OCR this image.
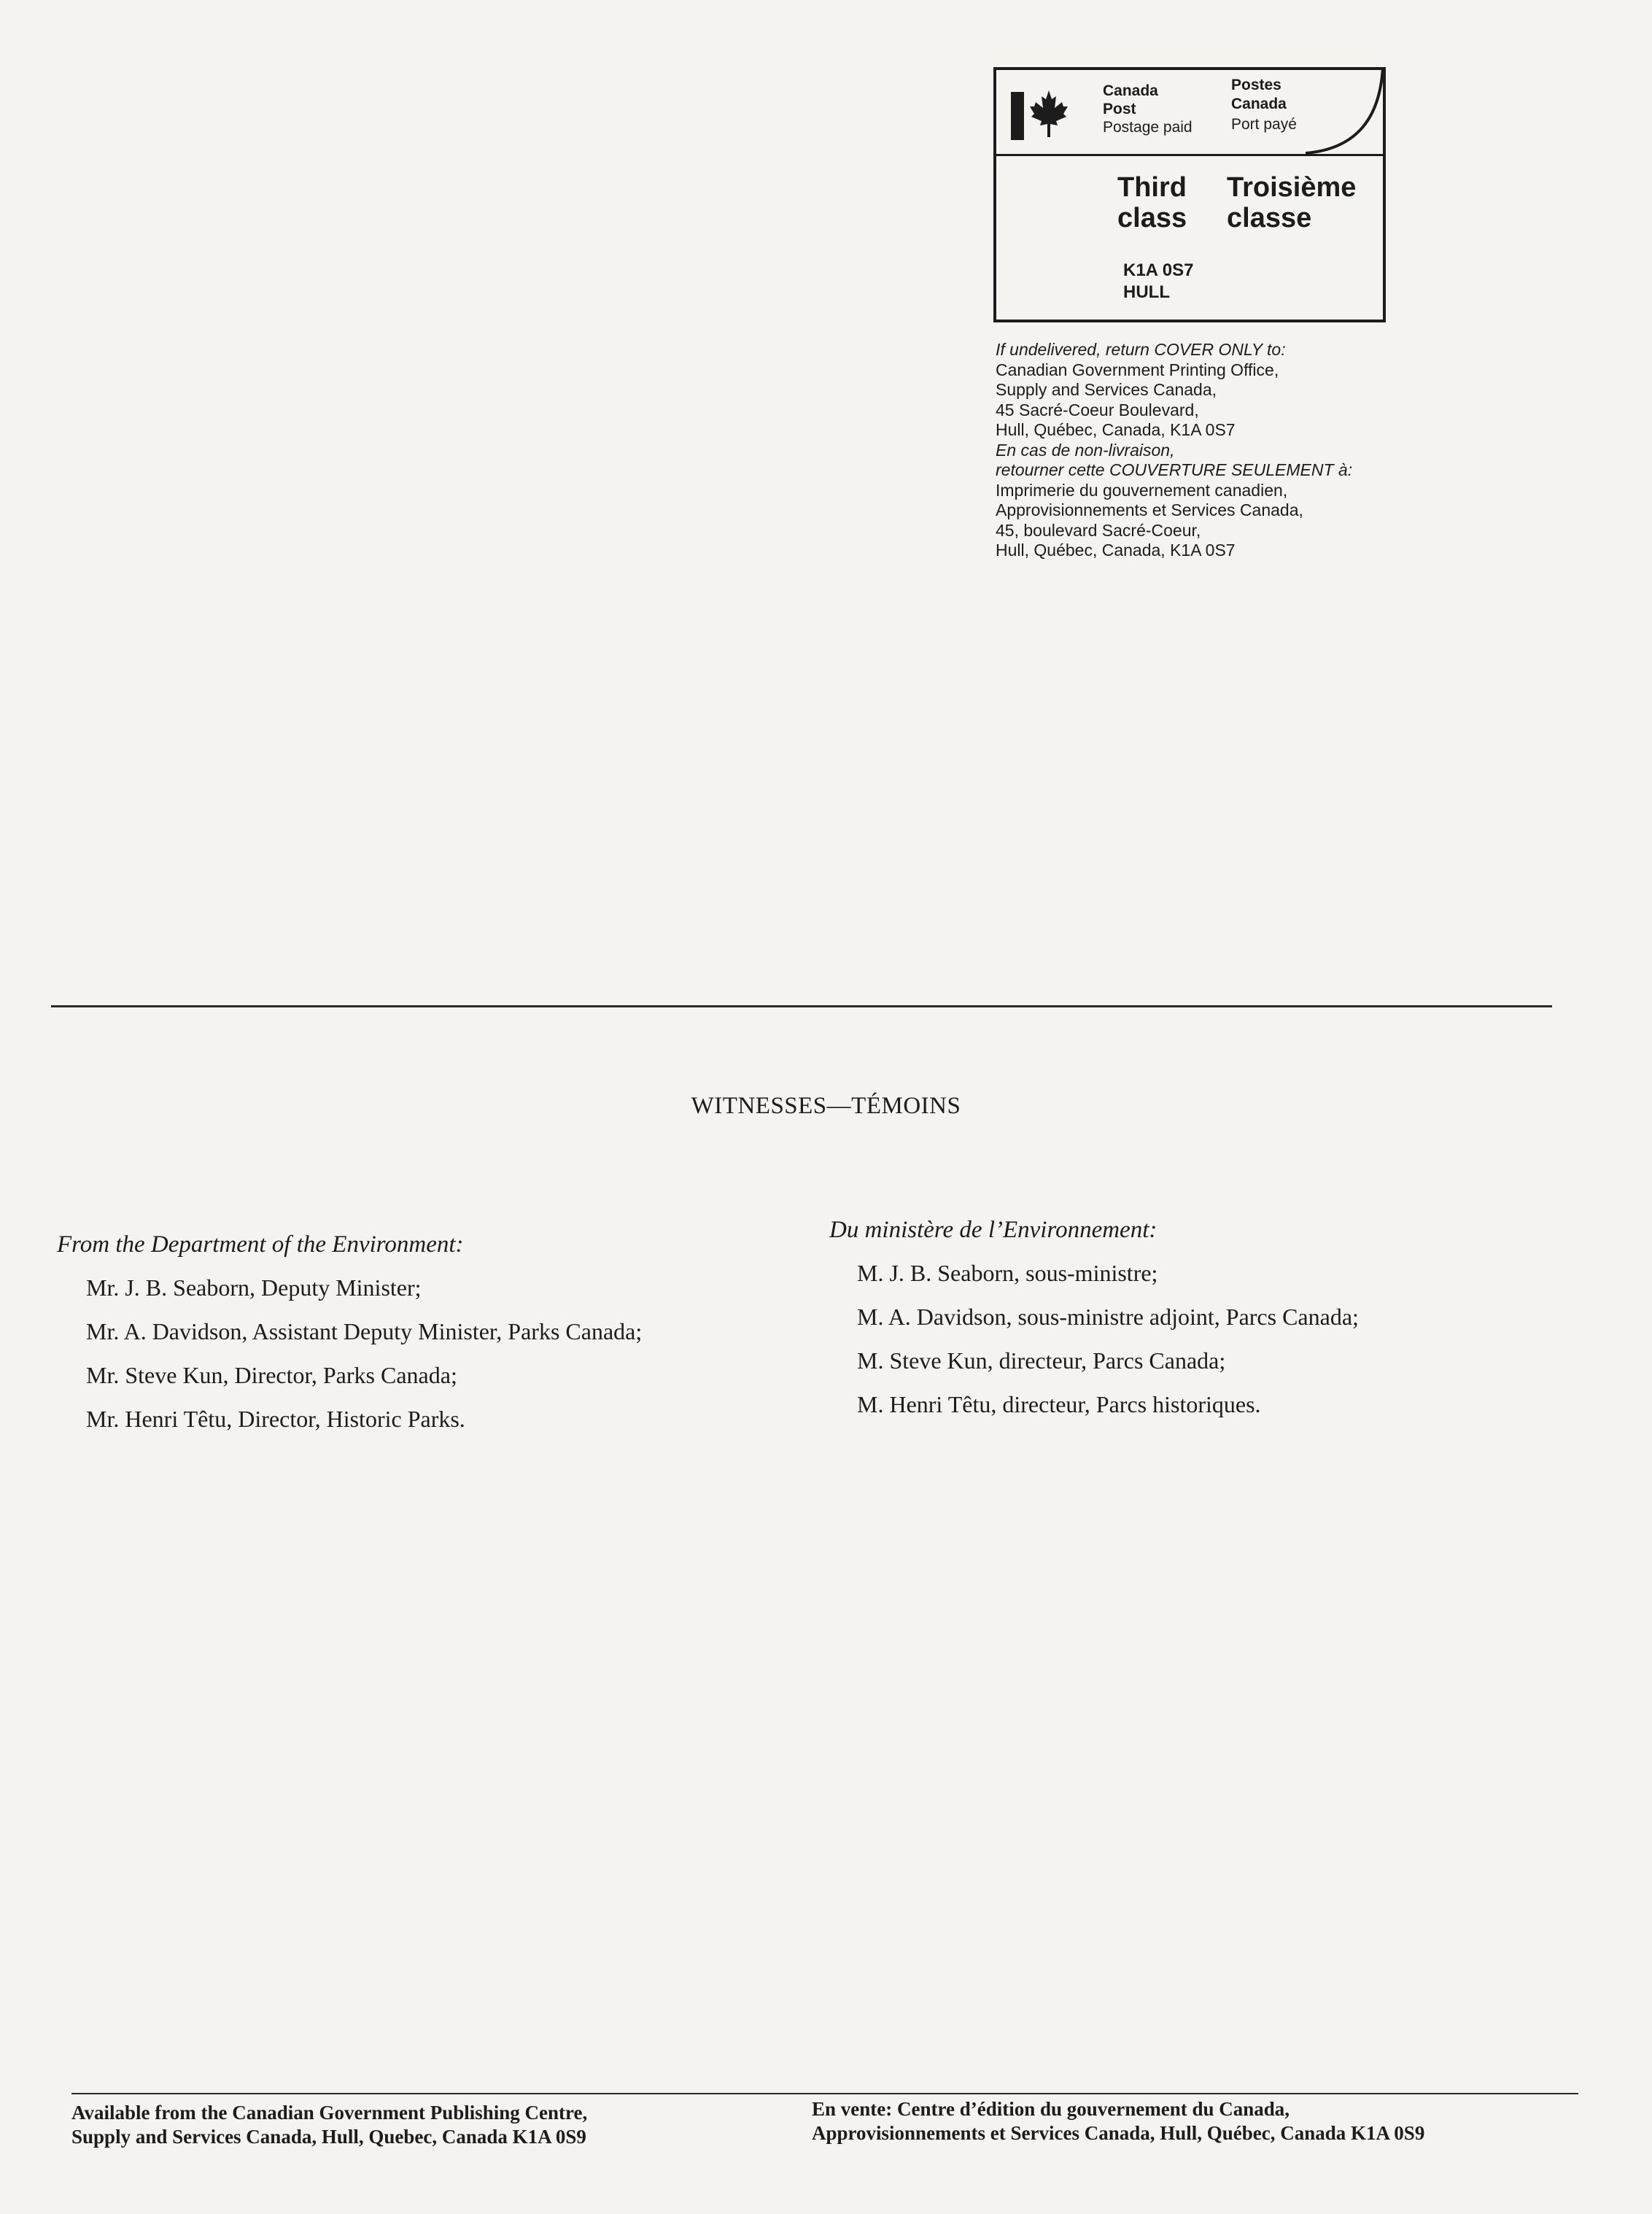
Canada
Post
Postage paid
Postes
Canada
Port payé
Third
class
Troisième
classe
K1A 0S7
HULL
If undelivered, return COVER ONLY to:
Canadian Government Printing Office,
Supply and Services Canada,
45 Sacré-Coeur Boulevard,
Hull, Québec, Canada, K1A 0S7
En cas de non-livraison,
retourner cette COUVERTURE SEULEMENT à:
Imprimerie du gouvernement canadien,
Approvisionnements et Services Canada,
45, boulevard Sacré-Coeur,
Hull, Québec, Canada, K1A 0S7
WITNESSES—TÉMOINS
From the Department of the Environment:
Mr. J. B. Seaborn, Deputy Minister;
Mr. A. Davidson, Assistant Deputy Minister, Parks Canada;
Mr. Steve Kun, Director, Parks Canada;
Mr. Henri Têtu, Director, Historic Parks.
Du ministère de l’Environnement:
M. J. B. Seaborn, sous-ministre;
M. A. Davidson, sous-ministre adjoint, Parcs Canada;
M. Steve Kun, directeur, Parcs Canada;
M. Henri Têtu, directeur, Parcs historiques.
Available from the Canadian Government Publishing Centre,
Supply and Services Canada, Hull, Quebec, Canada K1A 0S9
En vente: Centre d’édition du gouvernement du Canada,
Approvisionnements et Services Canada, Hull, Québec, Canada K1A 0S9
